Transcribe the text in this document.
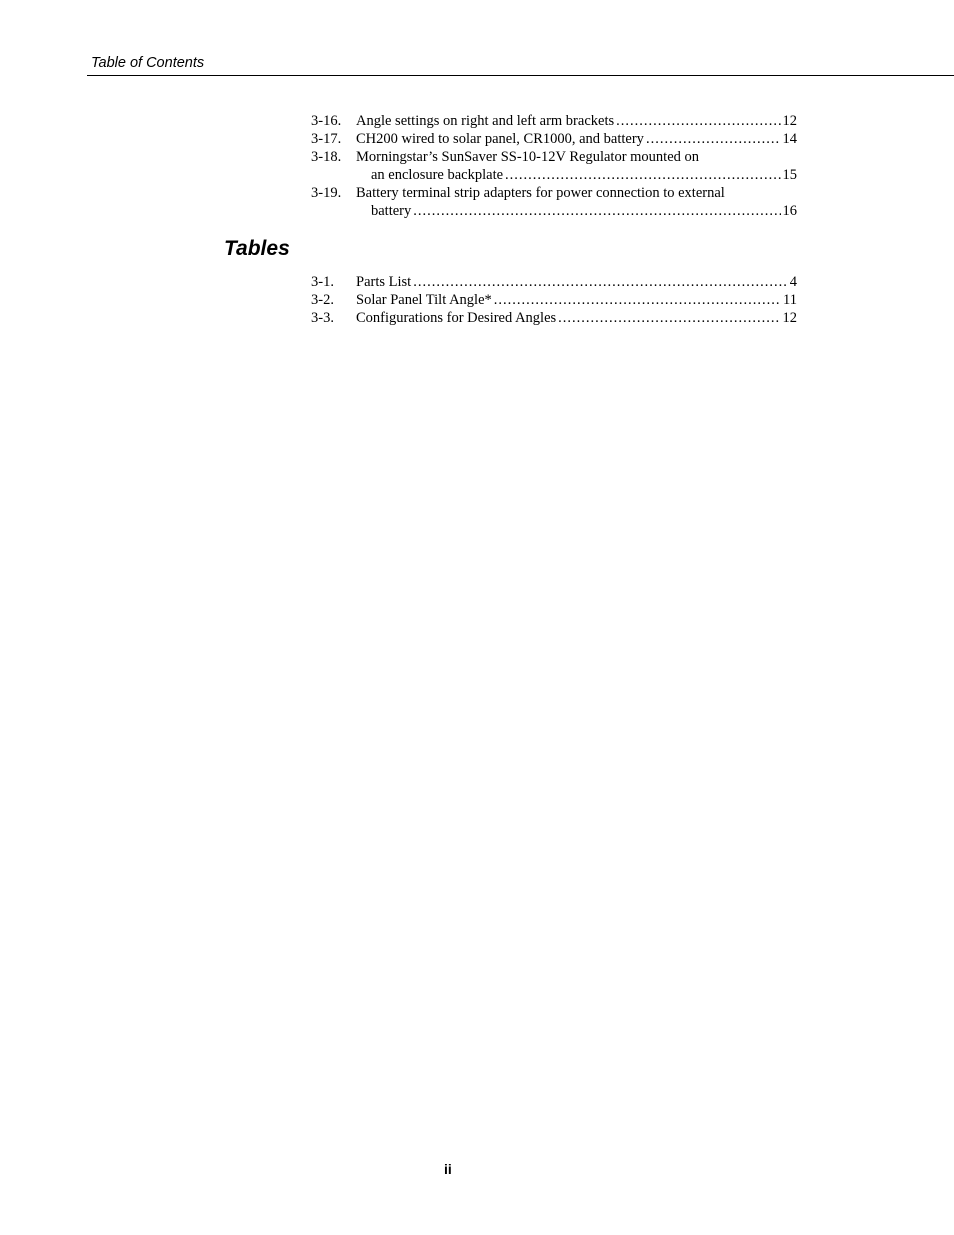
Table of Contents
3-16. Angle settings on right and left arm brackets .....	12
3-17. CH200 wired to solar panel, CR1000, and battery .....	14
3-18. Morningstar’s SunSaver SS-10-12V Regulator mounted on
an enclosure backplate .....	15
3-19. Battery terminal strip adapters for power connection to external
battery .....	16
Tables
3-1. Parts List .....	4
3-2. Solar Panel Tilt Angle* .....	11
3-3. Configurations for Desired Angles .....	12
ii
